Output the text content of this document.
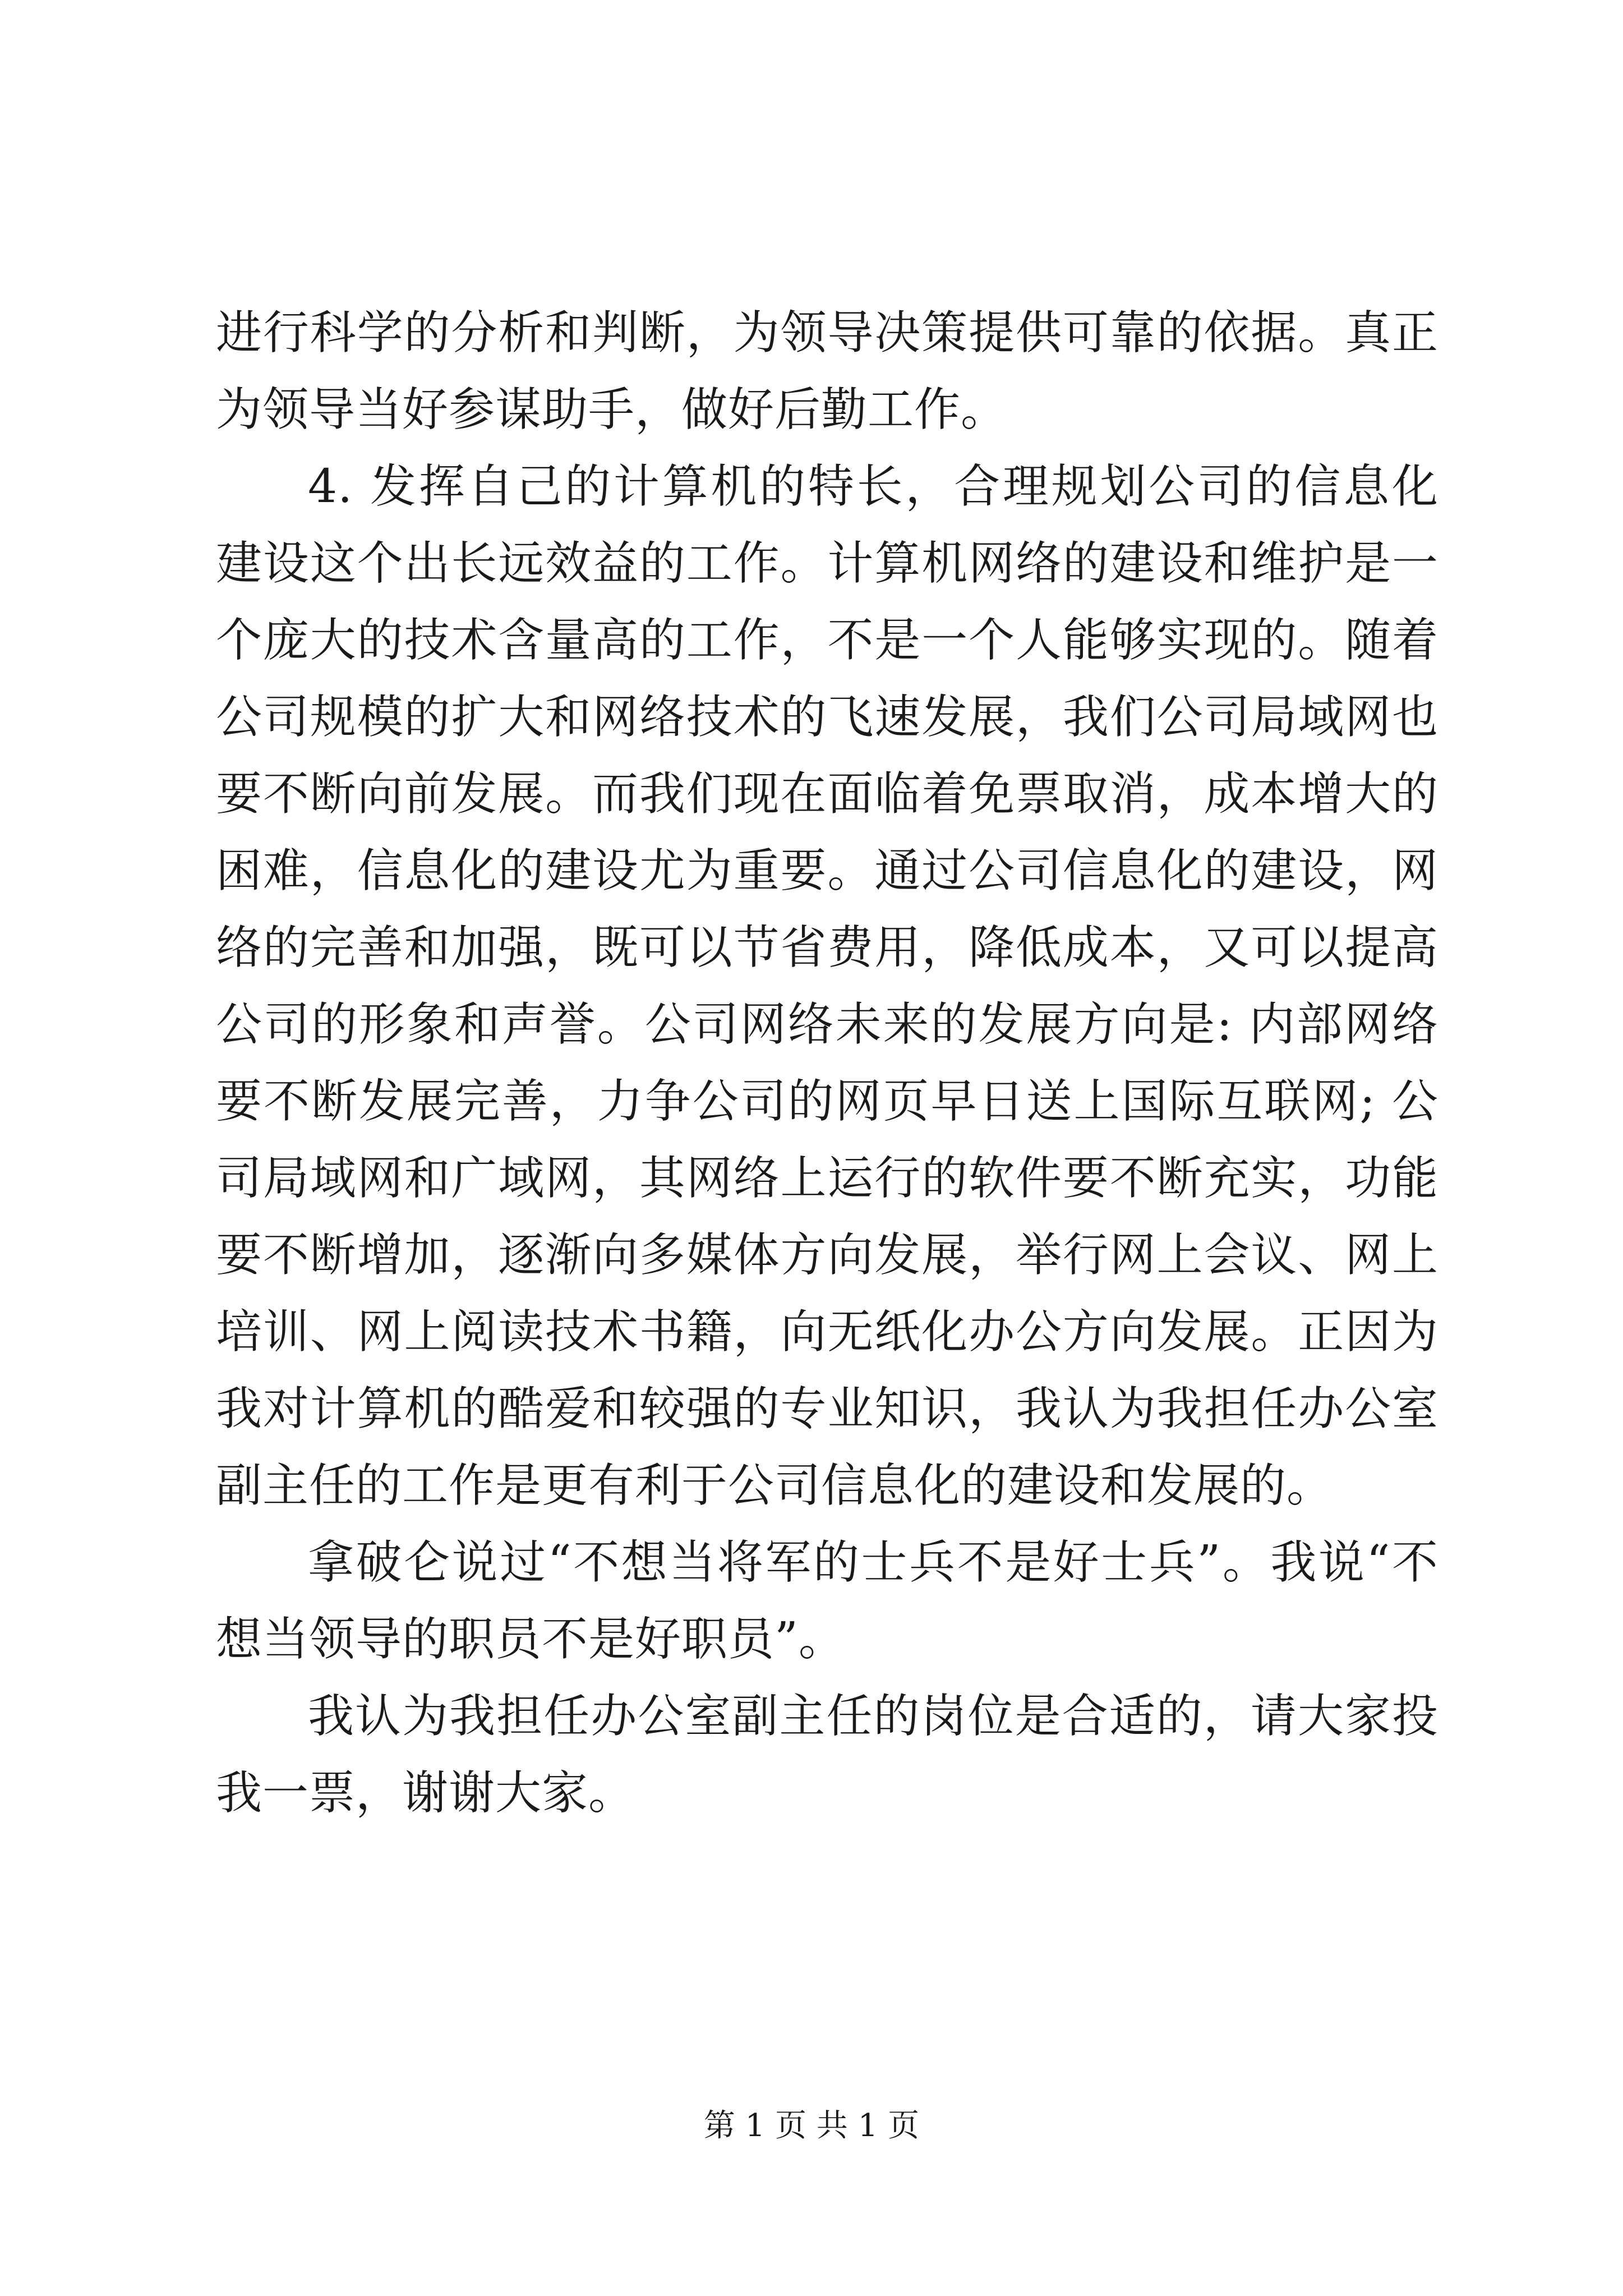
进行科学的分析和判断，为领导决策提供可靠的依据。真正为领导当好参谋助手，做好后勤工作。

4. 发挥自己的计算机的特长，合理规划公司的信息化建设这个出长远效益的工作。计算机网络的建设和维护是一个庞大的技术含量高的工作，不是一个人能够实现的。随着公司规模的扩大和网络技术的飞速发展，我们公司局域网也要不断向前发展。而我们现在面临着免票取消，成本增大的困难，信息化的建设尤为重要。通过公司信息化的建设，网络的完善和加强，既可以节省费用，降低成本，又可以提高公司的形象和声誉。公司网络未来的发展方向是: 内部网络要不断发展完善，力争公司的网页早日送上国际互联网; 公司局域网和广域网，其网络上运行的软件要不断充实，功能要不断增加，逐渐向多媒体方向发展，举行网上会议、网上培训、网上阅读技术书籍，向无纸化办公方向发展。正因为我对计算机的酷爱和较强的专业知识，我认为我担任办公室副主任的工作是更有利于公司信息化的建设和发展的。

拿破仑说过“不想当将军的士兵不是好士兵”。我说“不想当领导的职员不是好职员”。

我认为我担任办公室副主任的岗位是合适的，请大家投我一票，谢谢大家。

第 1 页 共 1 页
